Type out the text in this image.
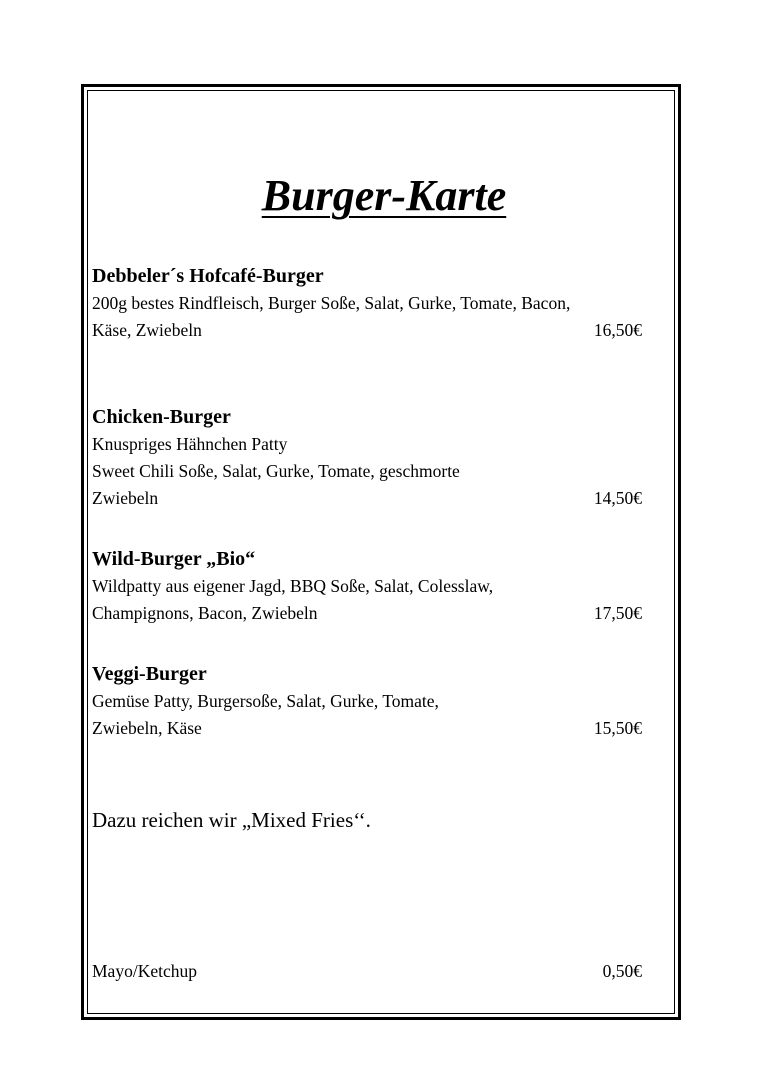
Burger-Karte

Debbeler´s Hofcafé-Burger

200g bestes Rindfleisch, Burger Soße, Salat, Gurke, Tomate, Bacon,

Käse, Zwiebeln	16,50€

Chicken-Burger

Knuspriges Hähnchen Patty

Sweet Chili Soße, Salat, Gurke, Tomate, geschmorte

Zwiebeln	14,50€

Wild-Burger „Bio“

Wildpatty aus eigener Jagd, BBQ Soße, Salat, Colesslaw,

Champignons, Bacon, Zwiebeln	17,50€

Veggi-Burger

Gemüse Patty, Burgersoße, Salat, Gurke, Tomate,

Zwiebeln, Käse	15,50€

Dazu reichen wir „Mixed Fries‘‘.
Mayo/Ketchup	0,50€
